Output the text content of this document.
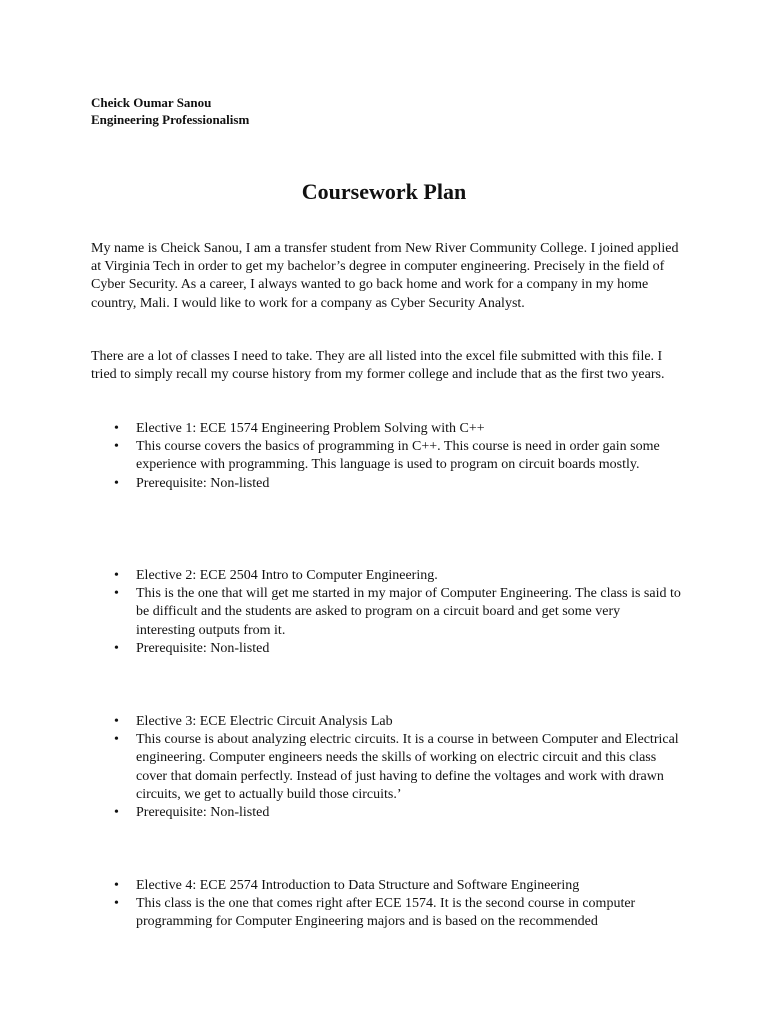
Cheick Oumar Sanou
Engineering Professionalism
Coursework Plan
My name is Cheick Sanou, I am a transfer student from New River Community College. I joined applied at Virginia Tech in order to get my bachelor’s degree in computer engineering. Precisely in the field of Cyber Security. As a career, I always wanted to go back home and work for a company in my home country, Mali. I would like to work for a company as Cyber Security Analyst.
There are a lot of classes I need to take. They are all listed into the excel file submitted with this file. I tried to simply recall my course history from my former college and include that as the first two years.
• Elective 1: ECE 1574 Engineering Problem Solving with C++
• This course covers the basics of programming in C++. This course is need in order gain some experience with programming. This language is used to program on circuit boards mostly.
• Prerequisite: Non-listed
• Elective 2: ECE 2504 Intro to Computer Engineering.
• This is the one that will get me started in my major of Computer Engineering. The class is said to be difficult and the students are asked to program on a circuit board and get some very interesting outputs from it.
• Prerequisite: Non-listed
• Elective 3: ECE Electric Circuit Analysis Lab
• This course is about analyzing electric circuits. It is a course in between Computer and Electrical engineering. Computer engineers needs the skills of working on electric circuit and this class cover that domain perfectly. Instead of just having to define the voltages and work with drawn circuits, we get to actually build those circuits.’
• Prerequisite: Non-listed
• Elective 4: ECE 2574 Introduction to Data Structure and Software Engineering
• This class is the one that comes right after ECE 1574. It is the second course in computer programming for Computer Engineering majors and is based on the recommended
